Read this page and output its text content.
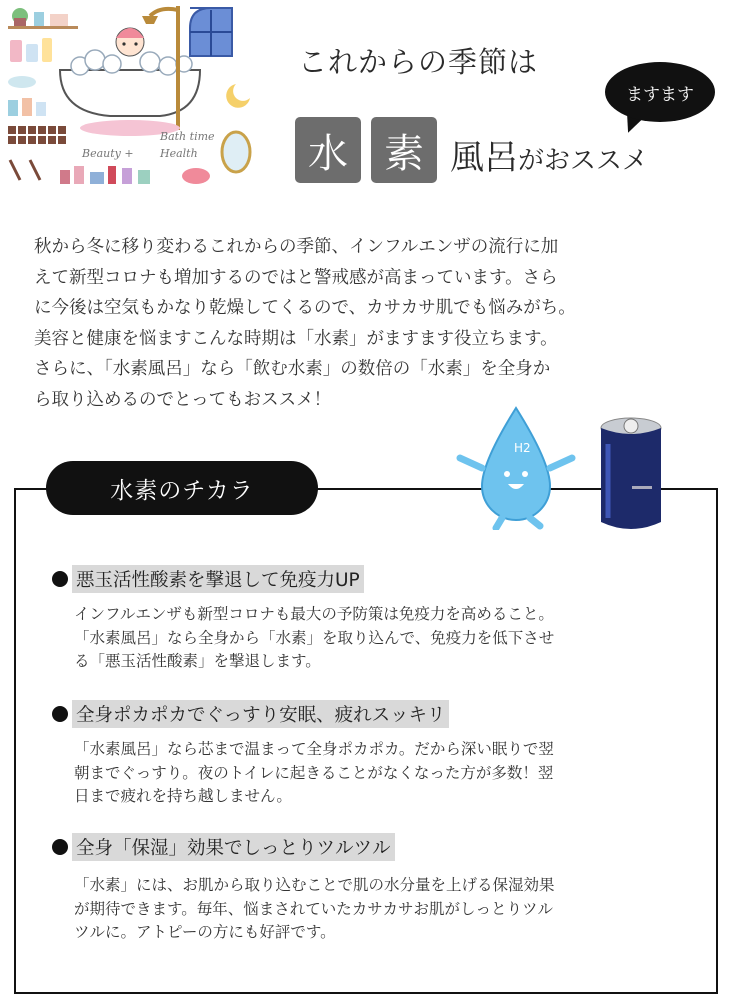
Bath time
Beauty + Health
これからの季節は
ますます
水 素 風呂がおススメ
秋から冬に移り変わるこれからの季節、インフルエンザの流行に加
えて新型コロナも増加するのではと警戒感が高まっています。さら
に今後は空気もかなり乾燥してくるので、カサカサ肌でも悩みがち。
美容と健康を悩ますこんな時期は「水素」がますます役立ちます。
さらに、「水素風呂」なら「飲む水素」の数倍の「水素」を全身か
ら取り込めるのでとってもおススメ！
水素のチカラ
H2
悪玉活性酸素を撃退して免疫力UP
インフルエンザも新型コロナも最大の予防策は免疫力を高めること。
「水素風呂」なら全身から「水素」を取り込んで、免疫力を低下させ
る「悪玉活性酸素」を撃退します。
全身ポカポカでぐっすり安眠、疲れスッキリ
「水素風呂」なら芯まで温まって全身ポカポカ。だから深い眠りで翌
朝までぐっすり。夜のトイレに起きることがなくなった方が多数！翌
日まで疲れを持ち越しません。
全身「保湿」効果でしっとりツルツル
「水素」には、お肌から取り込むことで肌の水分量を上げる保湿効果
が期待できます。毎年、悩まされていたカサカサお肌がしっとりツル
ツルに。アトピーの方にも好評です。
